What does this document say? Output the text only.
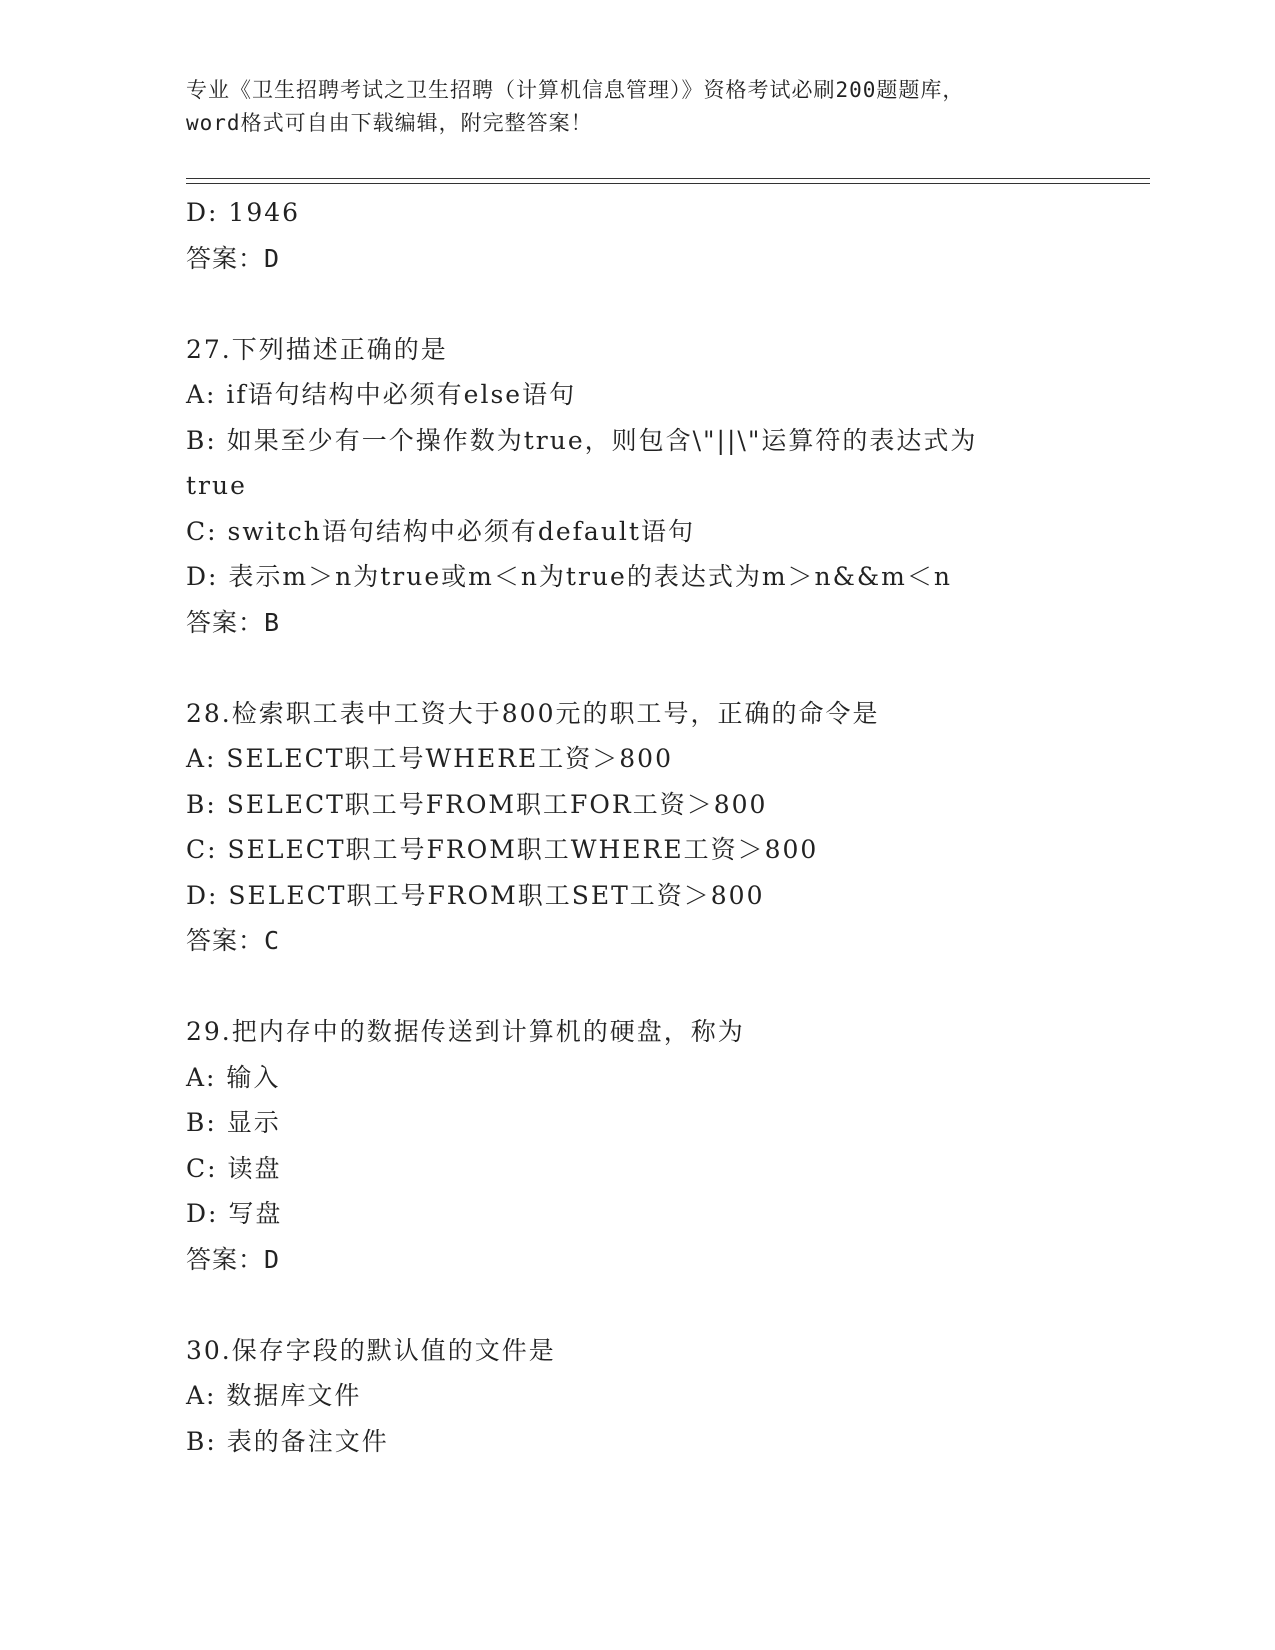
专业《卫生招聘考试之卫生招聘（计算机信息管理）》资格考试必刷200题题库，
word格式可自由下载编辑，附完整答案！
D: 1946
答案：D
27.下列描述正确的是
A: if语句结构中必须有else语句
B: 如果至少有一个操作数为true，则包含\"||\"运算符的表达式为
true
C: switch语句结构中必须有default语句
D: 表示m＞n为true或m＜n为true的表达式为m＞n&&m＜n
答案：B
28.检索职工表中工资大于800元的职工号，正确的命令是
A: SELECT职工号WHERE工资＞800
B: SELECT职工号FROM职工FOR工资＞800
C: SELECT职工号FROM职工WHERE工资＞800
D: SELECT职工号FROM职工SET工资＞800
答案：C
29.把内存中的数据传送到计算机的硬盘，称为
A: 输入
B: 显示
C: 读盘
D: 写盘
答案：D
30.保存字段的默认值的文件是
A: 数据库文件
B: 表的备注文件
